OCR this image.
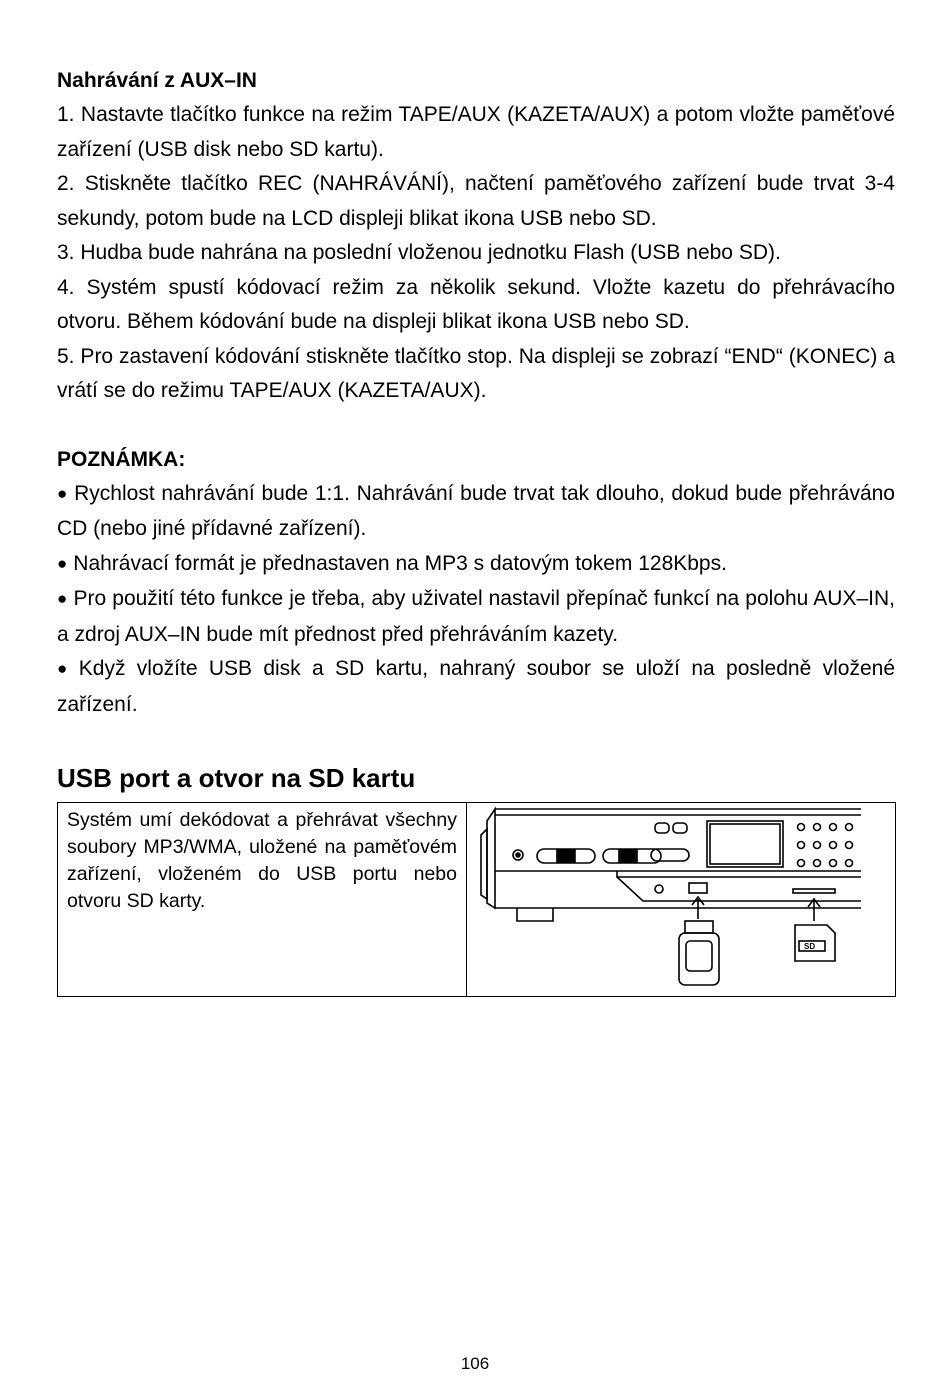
Nahrávání z AUX–IN

1. Nastavte tlačítko funkce na režim TAPE/AUX (KAZETA/AUX) a potom vložte paměťové zařízení (USB disk nebo SD kartu).

2. Stiskněte tlačítko REC (NAHRÁVÁNÍ), načtení paměťového zařízení bude trvat 3-4 sekundy, potom bude na LCD displeji blikat ikona USB nebo SD.

3. Hudba bude nahrána na poslední vloženou jednotku Flash (USB nebo SD).

4. Systém spustí kódovací režim za několik sekund. Vložte kazetu do přehrávacího otvoru. Během kódování bude na displeji blikat ikona USB nebo SD.

5. Pro zastavení kódování stiskněte tlačítko stop. Na displeji se zobrazí “END“ (KONEC) a vrátí se do režimu TAPE/AUX (KAZETA/AUX).

POZNÁMKA:

● Rychlost nahrávání bude 1:1. Nahrávání bude trvat tak dlouho, dokud bude přehráváno CD (nebo jiné přídavné zařízení).

● Nahrávací formát je přednastaven na MP3 s datovým tokem 128Kbps.

● Pro použití této funkce je třeba, aby uživatel nastavil přepínač funkcí na polohu AUX–IN, a zdroj AUX–IN bude mít přednost před přehráváním kazety.

● Když vložíte USB disk a SD kartu, nahraný soubor se uloží na posledně vložené zařízení.

USB port a otvor na SD kartu

Systém umí dekódovat a přehrávat všechny soubory MP3/WMA, uložené na paměťovém zařízení, vloženém do USB portu nebo otvoru SD karty.

SD
106
